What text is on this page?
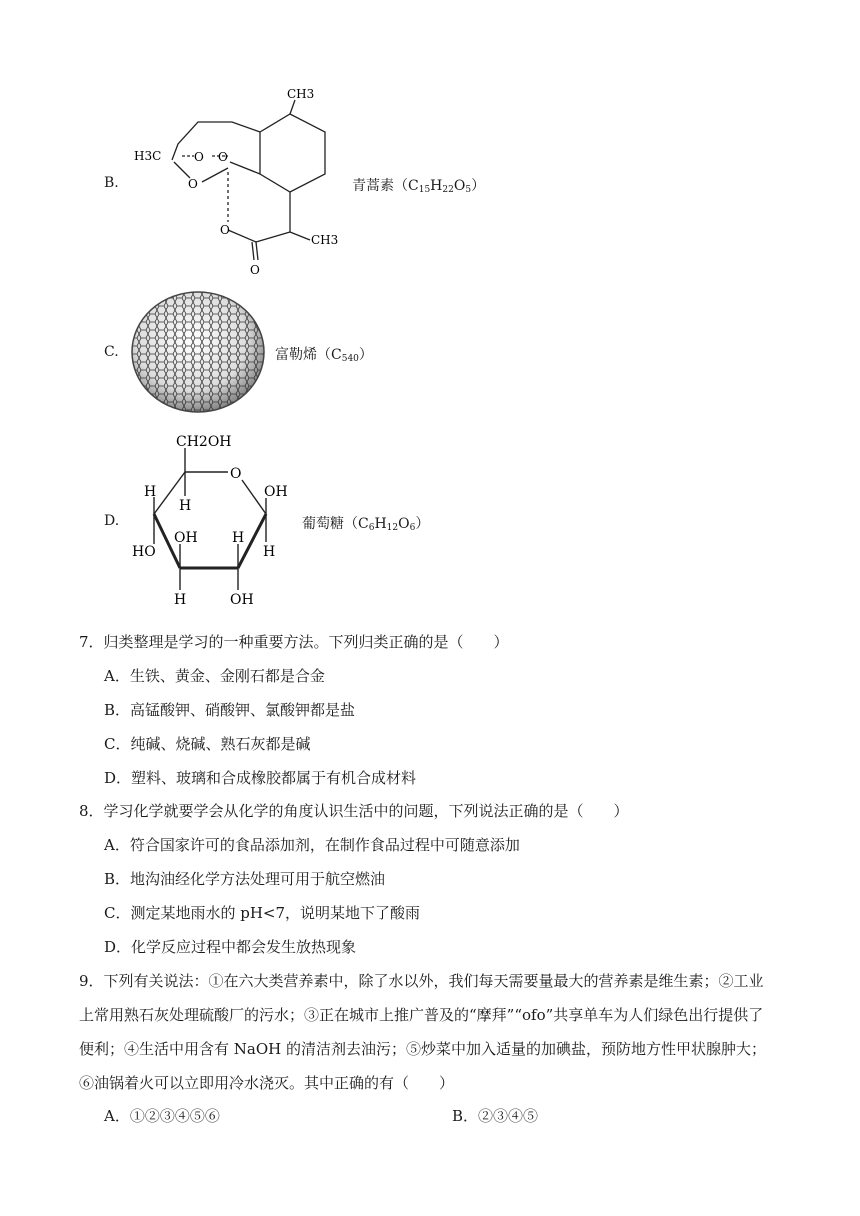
B.
CH3
H3C	O O
O
O
O
CH3
青蒿素$(C_{15}H_{22}O_5)$
C.	富勒烯$(C_{540})$
D.
CH2OH
O
H
H
OH
H
HO
OH H
H	OH
葡萄糖$(C_6H_{12}O_6)$
7．归类整理是学习的一种重要方法。下列归类正确的是（　　）
A．生铁、黄金、金刚石都是合金
B．高锰酸钾、硝酸钾、氯酸钾都是盐
C．纯碱、烧碱、熟石灰都是碱
D．塑料、玻璃和合成橡胶都属于有机合成材料
8．学习化学就要学会从化学的角度认识生活中的问题，下列说法正确的是（　　）
A．符合国家许可的食品添加剂，在制作食品过程中可随意添加
B．地沟油经化学方法处理可用于航空燃油
C．测定某地雨水的 pH<7，说明某地下了酸雨
D．化学反应过程中都会发生放热现象
9．下列有关说法：①在六大类营养素中，除了水以外，我们每天需要量最大的营养素是维生素；②工业
上常用熟石灰处理硫酸厂的污水；③正在城市上推广普及的“摩拜”“ofo”共享单车为人们绿色出行提供了
便利；④生活中用含有 NaOH 的清洁剂去油污；⑤炒菜中加入适量的加碘盐，预防地方性甲状腺肿大；
⑥油锅着火可以立即用冷水浇灭。其中正确的有（　　）
A．①②③④⑤⑥	B．②③④⑤
